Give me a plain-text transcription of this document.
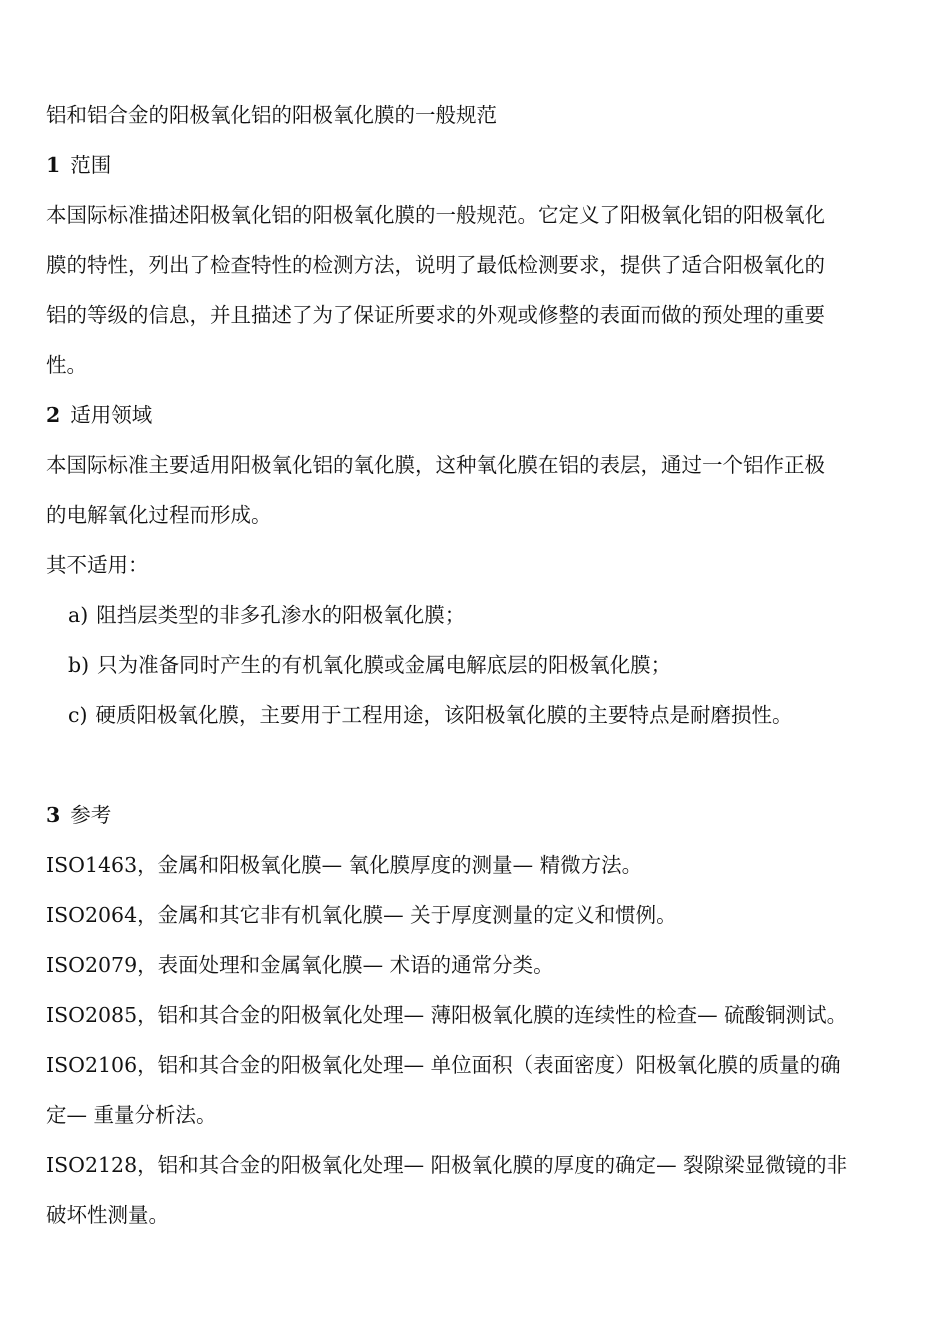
铝和铝合金的阳极氧化铝的阳极氧化膜的一般规范

1 范围

本国际标准描述阳极氧化铝的阳极氧化膜的一般规范。它定义了阳极氧化铝的阳极氧化

膜的特性，列出了检查特性的检测方法，说明了最低检测要求，提供了适合阳极氧化的

铝的等级的信息，并且描述了为了保证所要求的外观或修整的表面而做的预处理的重要

性。

2 适用领域

本国际标准主要适用阳极氧化铝的氧化膜，这种氧化膜在铝的表层，通过一个铝作正极

的电解氧化过程而形成。

其不适用：

a) 阻挡层类型的非多孔渗水的阳极氧化膜；

b) 只为准备同时产生的有机氧化膜或金属电解底层的阳极氧化膜；

c) 硬质阳极氧化膜，主要用于工程用途，该阳极氧化膜的主要特点是耐磨损性。

3 参考

ISO1463，金属和阳极氧化膜— 氧化膜厚度的测量— 精微方法。

ISO2064，金属和其它非有机氧化膜— 关于厚度测量的定义和惯例。

ISO2079，表面处理和金属氧化膜— 术语的通常分类。

ISO2085，铝和其合金的阳极氧化处理— 薄阳极氧化膜的连续性的检查— 硫酸铜测试。

ISO2106，铝和其合金的阳极氧化处理— 单位面积（表面密度）阳极氧化膜的质量的确

定— 重量分析法。

ISO2128，铝和其合金的阳极氧化处理— 阳极氧化膜的厚度的确定— 裂隙梁显微镜的非

破坏性测量。
